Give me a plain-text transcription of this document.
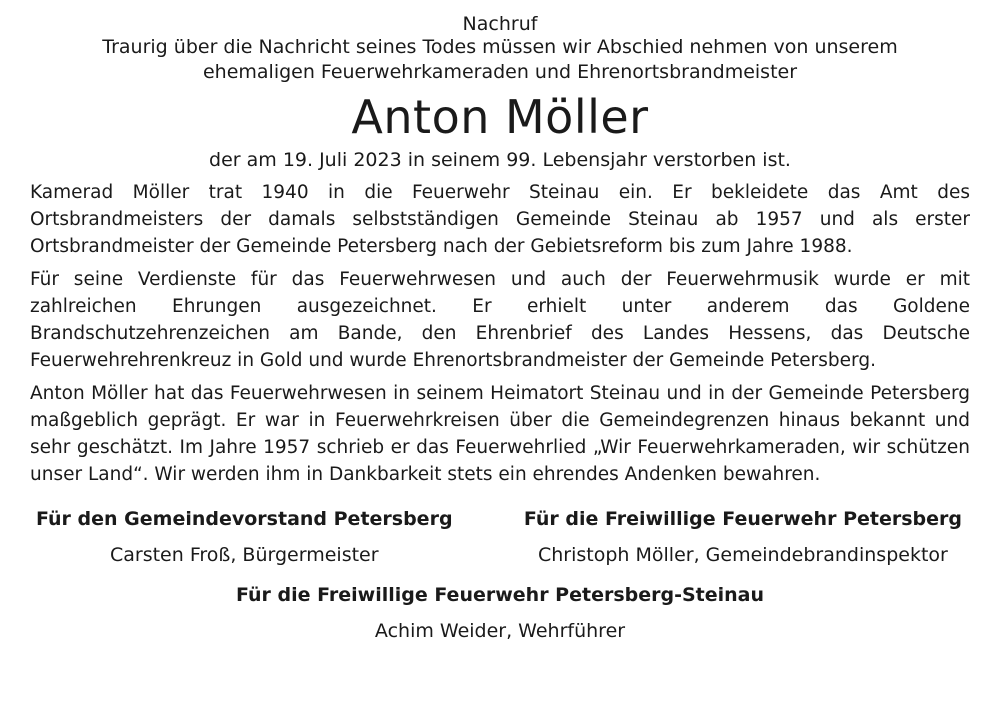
Nachruf
Traurig über die Nachricht seines Todes müssen wir Abschied nehmen von unserem
ehemaligen Feuerwehrkameraden und Ehrenortsbrandmeister
Anton Möller
der am 19. Juli 2023 in seinem 99. Lebensjahr verstorben ist.

Kamerad Möller trat 1940 in die Feuerwehr Steinau ein. Er bekleidete das Amt des Ortsbrandmeisters der damals selbstständigen Gemeinde Steinau ab 1957 und als erster Ortsbrandmeister der Gemeinde Petersberg nach der Gebietsreform bis zum Jahre 1988.

Für seine Verdienste für das Feuerwehrwesen und auch der Feuerwehrmusik wurde er mit zahlreichen Ehrungen ausgezeichnet. Er erhielt unter anderem das Goldene Brandschutzehrenzeichen am Bande, den Ehrenbrief des Landes Hessens, das Deutsche Feuerwehrehrenkreuz in Gold und wurde Ehrenortsbrandmeister der Gemeinde Petersberg.

Anton Möller hat das Feuerwehrwesen in seinem Heimatort Steinau und in der Gemeinde Petersberg maßgeblich geprägt. Er war in Feuerwehrkreisen über die Gemeindegrenzen hinaus bekannt und sehr geschätzt. Im Jahre 1957 schrieb er das Feuerwehrlied „Wir Feuerwehrkameraden, wir schützen unser Land“. Wir werden ihm in Dankbarkeit stets ein ehrendes Andenken bewahren.

Für den Gemeindevorstand Petersberg
Carsten Froß, Bürgermeister
Für die Freiwillige Feuerwehr Petersberg
Christoph Möller, Gemeindebrandinspektor
Für die Freiwillige Feuerwehr Petersberg-Steinau
Achim Weider, Wehrführer
